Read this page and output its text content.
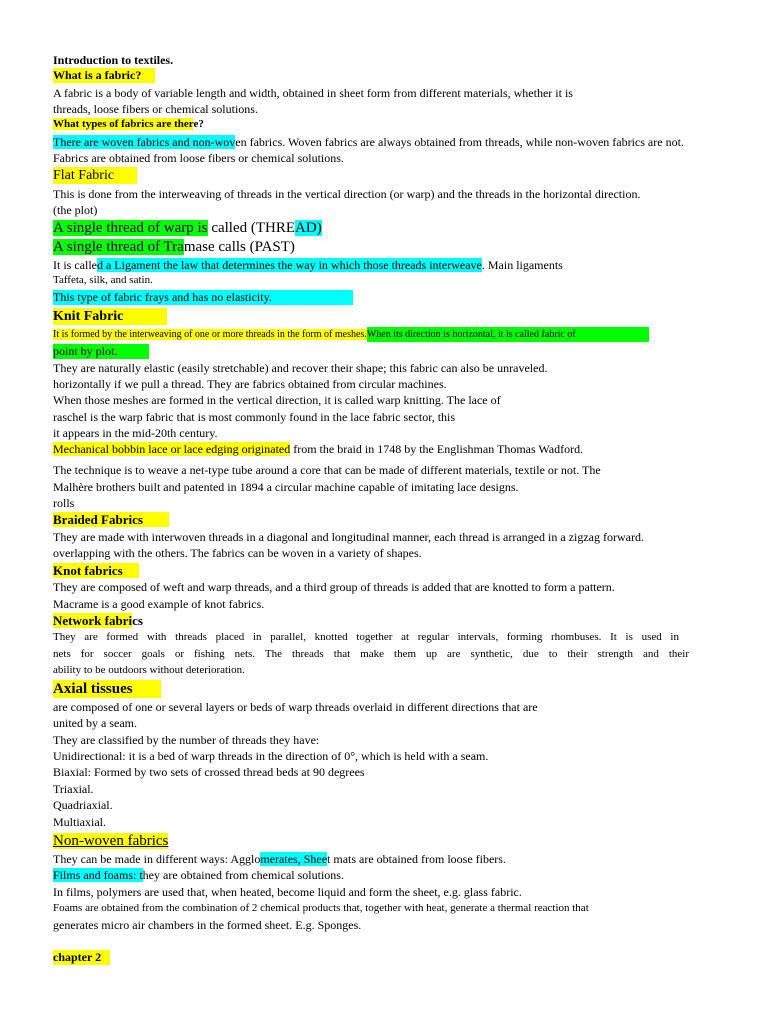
Introduction to textiles.
What is a fabric?
A fabric is a body of variable length and width, obtained in sheet form from different materials, whether it is
threads, loose fibers or chemical solutions.
What types of fabrics are there?
There are woven fabrics and non-woven fabrics. Woven fabrics are always obtained from threads, while non-woven fabrics are not.
Fabrics are obtained from loose fibers or chemical solutions.
Flat Fabric
This is done from the interweaving of threads in the vertical direction (or warp) and the threads in the horizontal direction.
(the plot)
A single thread of warp is called (THREAD)
A single thread of Tramase calls (PAST)
It is called a Ligament the law that determines the way in which those threads interweave. Main ligaments
Taffeta, silk, and satin.
This type of fabric frays and has no elasticity.
Knit Fabric
It is formed by the interweaving of one or more threads in the form of meshes.When its direction is horizontal, it is called fabric of
point by plot.
They are naturally elastic (easily stretchable) and recover their shape; this fabric can also be unraveled.
horizontally if we pull a thread. They are fabrics obtained from circular machines.
When those meshes are formed in the vertical direction, it is called warp knitting. The lace of
raschel is the warp fabric that is most commonly found in the lace fabric sector, this
it appears in the mid-20th century.
Mechanical bobbin lace or lace edging originated from the braid in 1748 by the Englishman Thomas Wadford.
The technique is to weave a net-type tube around a core that can be made of different materials, textile or not. The
Malhère brothers built and patented in 1894 a circular machine capable of imitating lace designs.
rolls
Braided Fabrics
They are made with interwoven threads in a diagonal and longitudinal manner, each thread is arranged in a zigzag forward.
overlapping with the others. The fabrics can be woven in a variety of shapes.
Knot fabrics
They are composed of weft and warp threads, and a third group of threads is added that are knotted to form a pattern.
Macrame is a good example of knot fabrics.
Network fabrics
They are formed with threads placed in parallel, knotted together at regular intervals, forming rhombuses. It is used in
nets for soccer goals or fishing nets. The threads that make them up are synthetic, due to their strength and their
ability to be outdoors without deterioration.
Axial tissues
are composed of one or several layers or beds of warp threads overlaid in different directions that are
united by a seam.
They are classified by the number of threads they have:
Unidirectional: it is a bed of warp threads in the direction of 0°, which is held with a seam.
Biaxial: Formed by two sets of crossed thread beds at 90 degrees
Triaxial.
Quadriaxial.
Multiaxial.
Non-woven fabrics
They can be made in different ways: Agglomerates, Sheet mats are obtained from loose fibers.
Films and foams: they are obtained from chemical solutions.
In films, polymers are used that, when heated, become liquid and form the sheet, e.g. glass fabric.
Foams are obtained from the combination of 2 chemical products that, together with heat, generate a thermal reaction that
generates micro air chambers in the formed sheet. E.g. Sponges.
chapter 2
